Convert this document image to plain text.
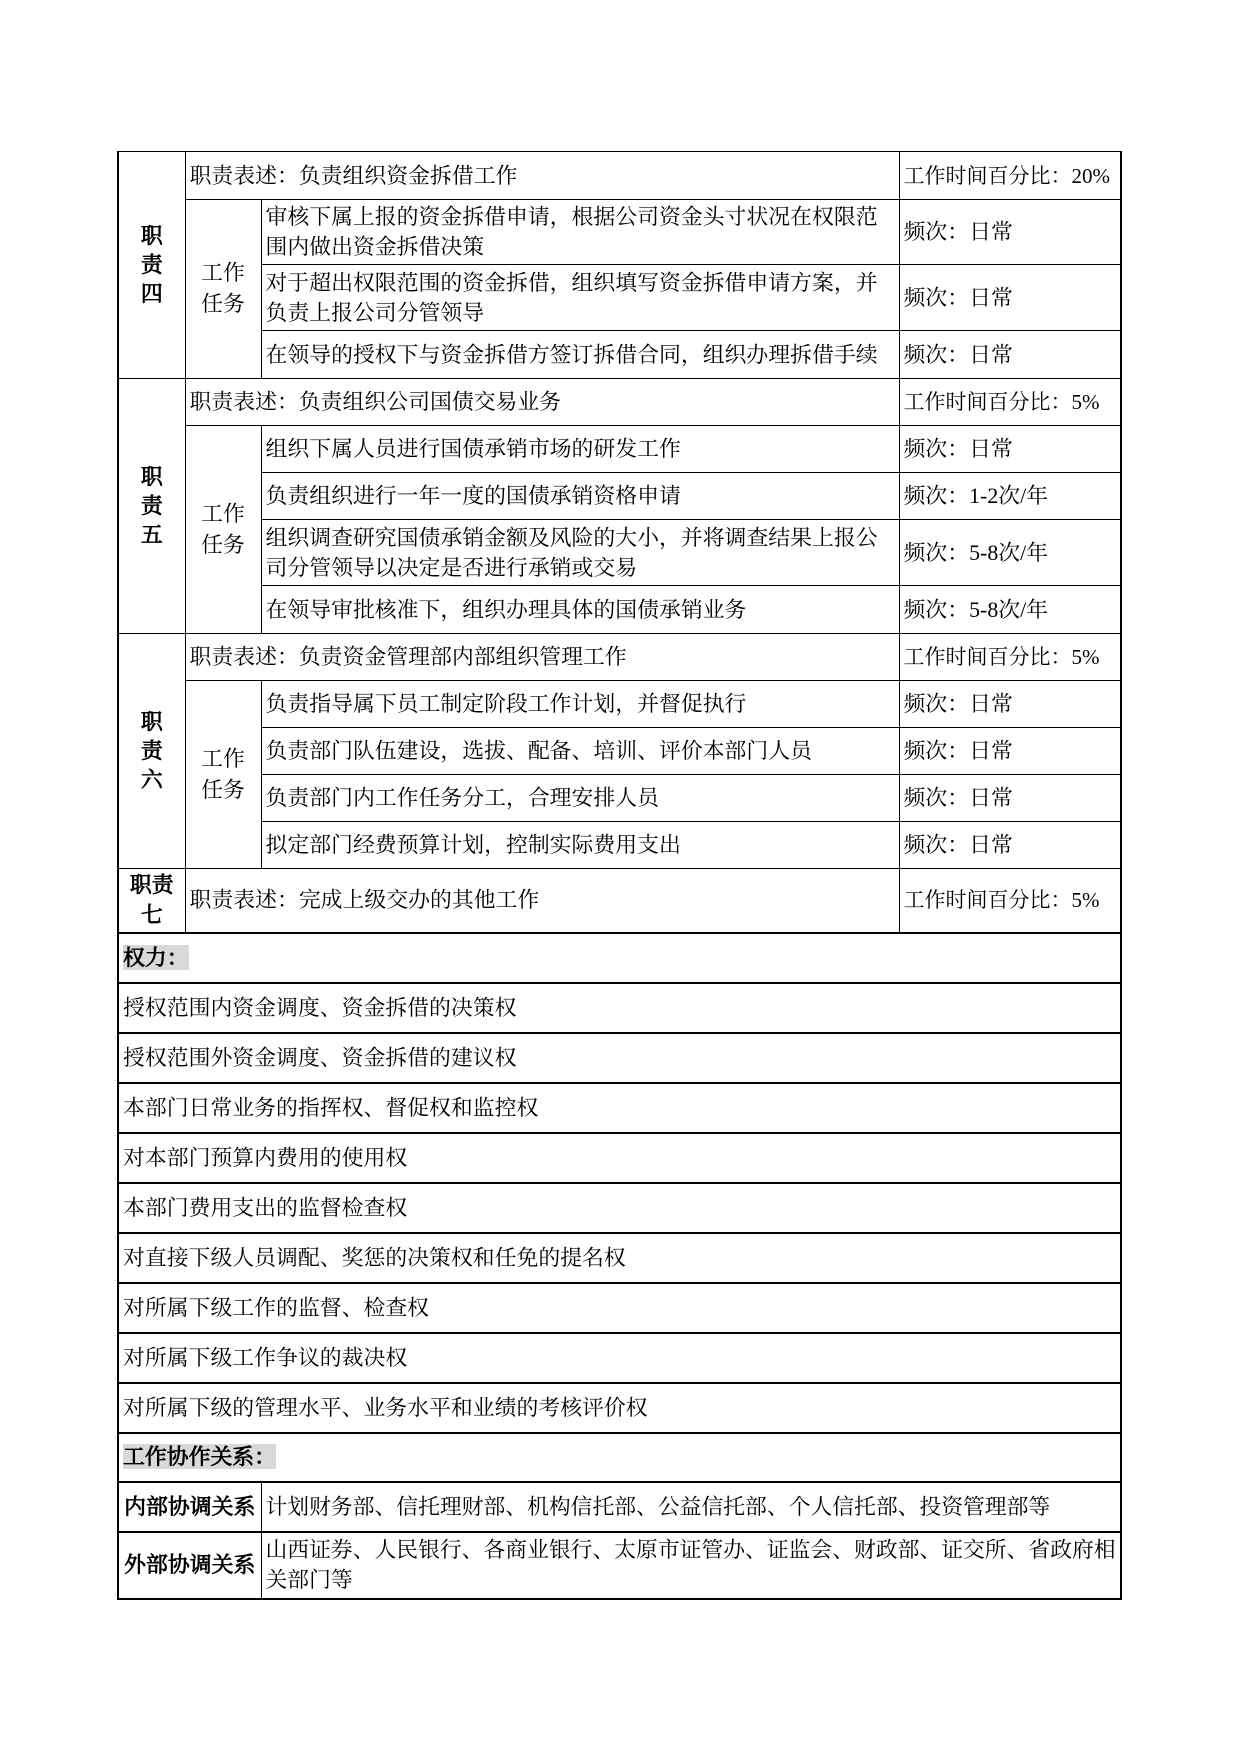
职责四	职责表述：负责组织资金拆借工作		工作时间百分比：20%
	工作任务	审核下属上报的资金拆借申请，根据公司资金头寸状况在权限范围内做出资金拆借决策	频次：日常
		对于超出权限范围的资金拆借，组织填写资金拆借申请方案，并负责上报公司分管领导	频次：日常
		在领导的授权下与资金拆借方签订拆借合同，组织办理拆借手续	频次：日常
职责五	职责表述：负责组织公司国债交易业务		工作时间百分比：5%
	工作任务	组织下属人员进行国债承销市场的研发工作	频次：日常
		负责组织进行一年一度的国债承销资格申请	频次：1-2次/年
		组织调查研究国债承销金额及风险的大小，并将调查结果上报公司分管领导以决定是否进行承销或交易	频次：5-8次/年
		在领导审批核准下，组织办理具体的国债承销业务	频次：5-8次/年
职责六	职责表述：负责资金管理部内部组织管理工作		工作时间百分比：5%
	工作任务	负责指导属下员工制定阶段工作计划，并督促执行	频次：日常
		负责部门队伍建设，选拔、配备、培训、评价本部门人员	频次：日常
		负责部门内工作任务分工，合理安排人员	频次：日常
		拟定部门经费预算计划，控制实际费用支出	频次：日常
职责七	职责表述：完成上级交办的其他工作		工作时间百分比：5%
权力：			
授权范围内资金调度、资金拆借的决策权			
授权范围外资金调度、资金拆借的建议权			
本部门日常业务的指挥权、督促权和监控权			
对本部门预算内费用的使用权			
本部门费用支出的监督检查权			
对直接下级人员调配、奖惩的决策权和任免的提名权			
对所属下级工作的监督、检查权			
对所属下级工作争议的裁决权			
对所属下级的管理水平、业务水平和业绩的考核评价权			
工作协作关系：			
内部协调关系		计划财务部、信托理财部、机构信托部、公益信托部、个人信托部、投资管理部等	
外部协调关系		山西证券、人民银行、各商业银行、太原市证管办、证监会、财政部、证交所、省政府相关部门等	
